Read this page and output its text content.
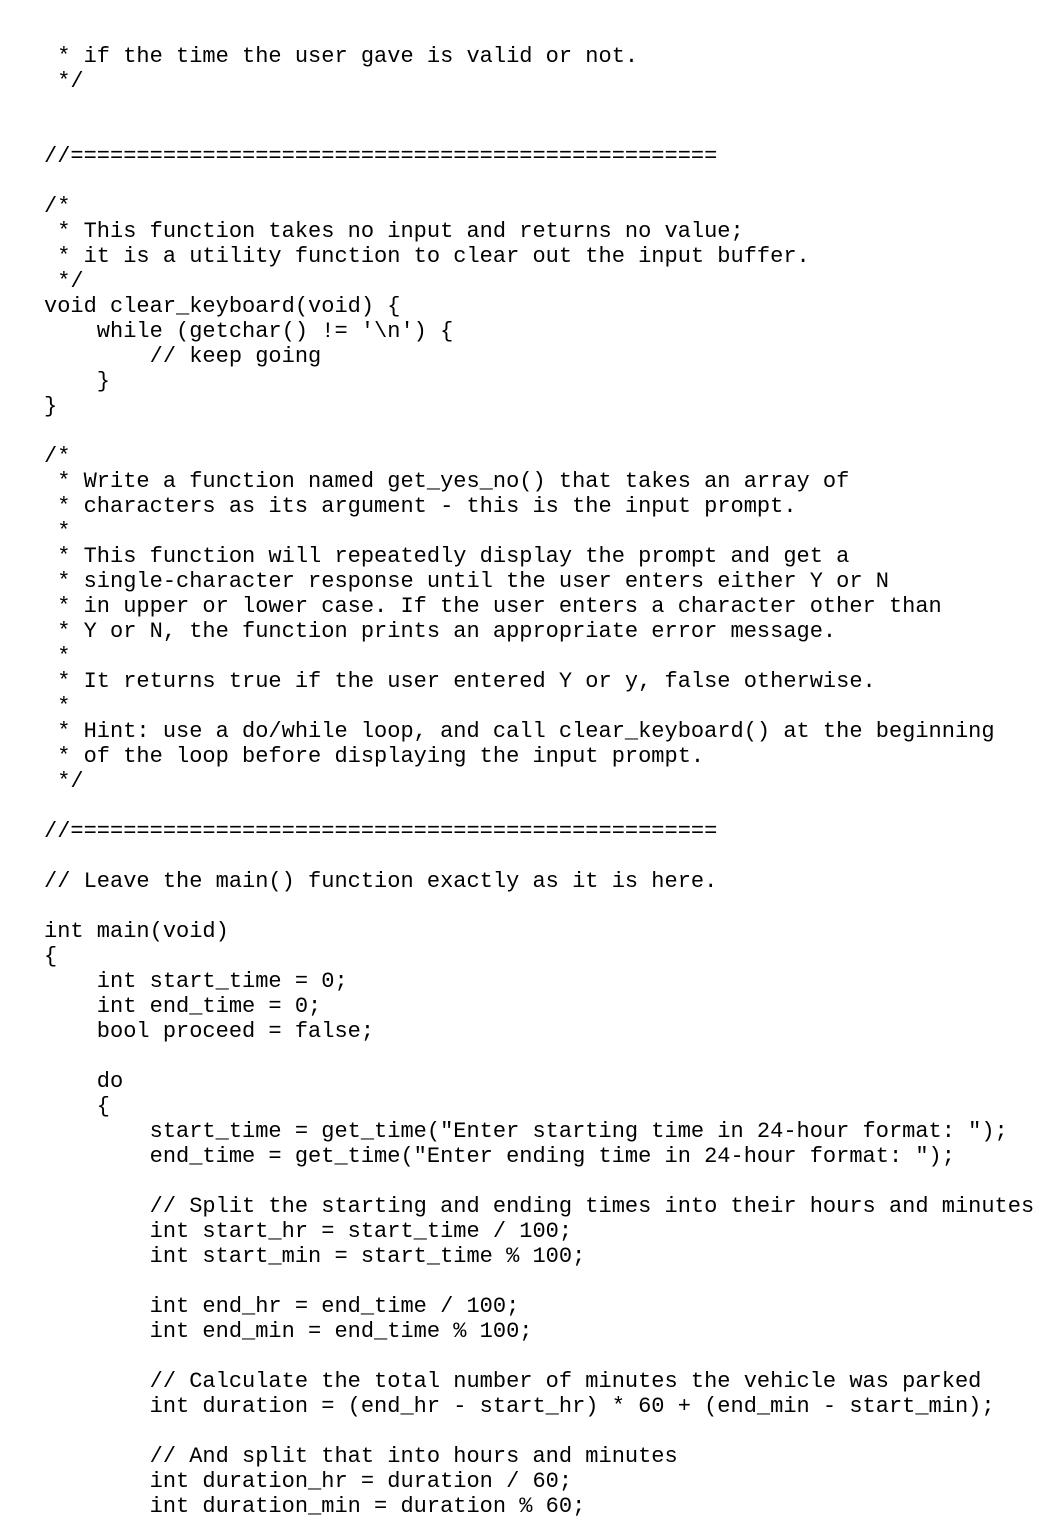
* if the time the user gave is valid or not.
*/
//=================================================
/*
* This function takes no input and returns no value;
* it is a utility function to clear out the input buffer.
*/
void clear_keyboard(void) {
while (getchar() != '\n') {
// keep going
}
}
/*
* Write a function named get_yes_no() that takes an array of
* characters as its argument - this is the input prompt.
*
* This function will repeatedly display the prompt and get a
* single-character response until the user enters either Y or N
* in upper or lower case. If the user enters a character other than
* Y or N, the function prints an appropriate error message.
*
* It returns true if the user entered Y or y, false otherwise.
*
* Hint: use a do/while loop, and call clear_keyboard() at the beginning
* of the loop before displaying the input prompt.
*/
//=================================================
// Leave the main() function exactly as it is here.
int main(void)
{
int start_time = 0;
int end_time = 0;
bool proceed = false;
do
{
start_time = get_time("Enter starting time in 24-hour format: ");
end_time = get_time("Enter ending time in 24-hour format: ");
// Split the starting and ending times into their hours and minutes
int start_hr = start_time / 100;
int start_min = start_time % 100;
int end_hr = end_time / 100;
int end_min = end_time % 100;
// Calculate the total number of minutes the vehicle was parked
int duration = (end_hr - start_hr) * 60 + (end_min - start_min);
// And split that into hours and minutes
int duration_hr = duration / 60;
int duration_min = duration % 60;
